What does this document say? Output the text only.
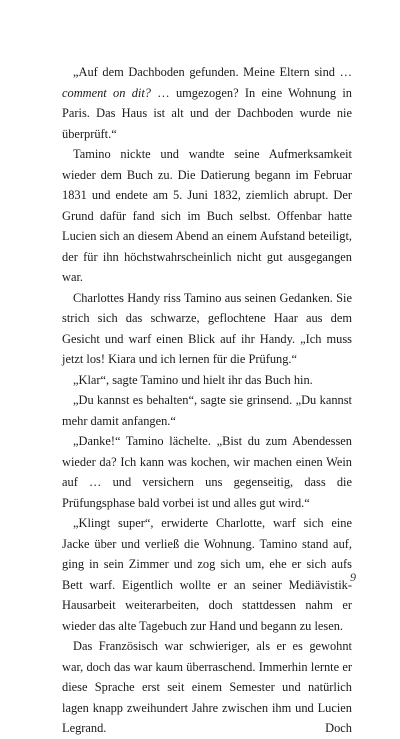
„Auf dem Dachboden gefunden. Meine Eltern sind … comment on dit? … umgezogen? In eine Wohnung in Paris. Das Haus ist alt und der Dachboden wurde nie überprüft.“

Tamino nickte und wandte seine Aufmerksamkeit wieder dem Buch zu. Die Datierung begann im Februar 1831 und endete am 5. Juni 1832, ziemlich abrupt. Der Grund dafür fand sich im Buch selbst. Offenbar hatte Lucien sich an diesem Abend an einem Aufstand beteiligt, der für ihn höchstwahrscheinlich nicht gut ausgegangen war.

Charlottes Handy riss Tamino aus seinen Gedanken. Sie strich sich das schwarze, geflochtene Haar aus dem Gesicht und warf einen Blick auf ihr Handy. „Ich muss jetzt los! Kiara und ich lernen für die Prüfung.“

„Klar“, sagte Tamino und hielt ihr das Buch hin.

„Du kannst es behalten“, sagte sie grinsend. „Du kannst mehr damit anfangen.“

„Danke!“ Tamino lächelte. „Bist du zum Abendessen wieder da? Ich kann was kochen, wir machen einen Wein auf … und versichern uns gegenseitig, dass die Prüfungsphase bald vorbei ist und alles gut wird.“

„Klingt super“, erwiderte Charlotte, warf sich eine Jacke über und verließ die Wohnung. Tamino stand auf, ging in sein Zimmer und zog sich um, ehe er sich aufs Bett warf. Eigentlich wollte er an seiner Mediävistik-Hausarbeit weiterarbeiten, doch stattdessen nahm er wieder das alte Tagebuch zur Hand und begann zu lesen.

Das Französisch war schwieriger, als er es gewohnt war, doch das war kaum überraschend. Immerhin lernte er diese Sprache erst seit einem Semester und natürlich lagen knapp zweihundert Jahre zwischen ihm und Lucien Legrand. Doch

9
